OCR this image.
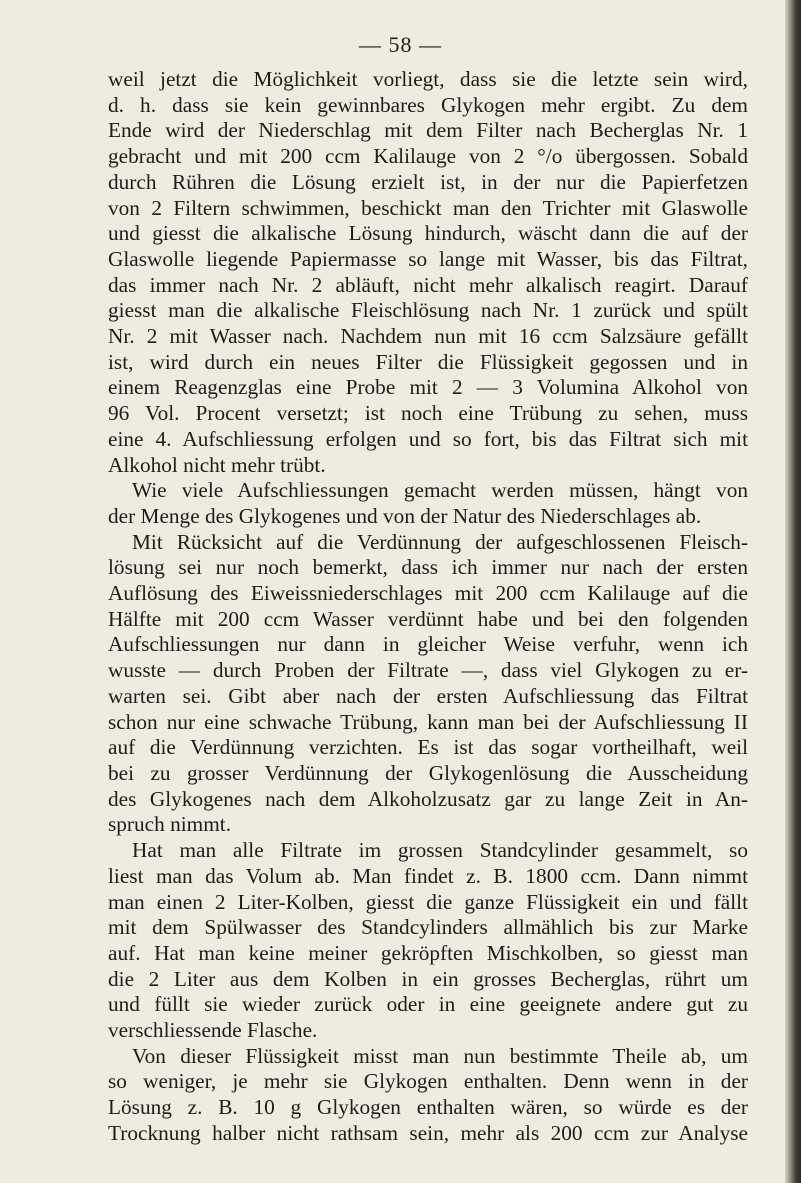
— 58 —
weil jetzt die Möglichkeit vorliegt, dass sie die letzte sein wird,
d. h. dass sie kein gewinnbares Glykogen mehr ergibt. Zu dem
Ende wird der Niederschlag mit dem Filter nach Becherglas Nr. 1
gebracht und mit 200 ccm Kalilauge von 2 °/o übergossen. Sobald
durch Rühren die Lösung erzielt ist, in der nur die Papierfetzen
von 2 Filtern schwimmen, beschickt man den Trichter mit Glaswolle
und giesst die alkalische Lösung hindurch, wäscht dann die auf der
Glaswolle liegende Papiermasse so lange mit Wasser, bis das Filtrat,
das immer nach Nr. 2 abläuft, nicht mehr alkalisch reagirt. Darauf
giesst man die alkalische Fleischlösung nach Nr. 1 zurück und spült
Nr. 2 mit Wasser nach. Nachdem nun mit 16 ccm Salzsäure gefällt
ist, wird durch ein neues Filter die Flüssigkeit gegossen und in
einem Reagenzglas eine Probe mit 2 — 3 Volumina Alkohol von
96 Vol. Procent versetzt; ist noch eine Trübung zu sehen, muss
eine 4. Aufschliessung erfolgen und so fort, bis das Filtrat sich mit
Alkohol nicht mehr trübt.
Wie viele Aufschliessungen gemacht werden müssen, hängt von
der Menge des Glykogenes und von der Natur des Niederschlages ab.
Mit Rücksicht auf die Verdünnung der aufgeschlossenen Fleisch-
lösung sei nur noch bemerkt, dass ich immer nur nach der ersten
Auflösung des Eiweissniederschlages mit 200 ccm Kalilauge auf die
Hälfte mit 200 ccm Wasser verdünnt habe und bei den folgenden
Aufschliessungen nur dann in gleicher Weise verfuhr, wenn ich
wusste — durch Proben der Filtrate —, dass viel Glykogen zu er-
warten sei. Gibt aber nach der ersten Aufschliessung das Filtrat
schon nur eine schwache Trübung, kann man bei der Aufschliessung II
auf die Verdünnung verzichten. Es ist das sogar vortheilhaft, weil
bei zu grosser Verdünnung der Glykogenlösung die Ausscheidung
des Glykogenes nach dem Alkoholzusatz gar zu lange Zeit in An-
spruch nimmt.
Hat man alle Filtrate im grossen Standcylinder gesammelt, so
liest man das Volum ab. Man findet z. B. 1800 ccm. Dann nimmt
man einen 2 Liter-Kolben, giesst die ganze Flüssigkeit ein und fällt
mit dem Spülwasser des Standcylinders allmählich bis zur Marke
auf. Hat man keine meiner gekröpften Mischkolben, so giesst man
die 2 Liter aus dem Kolben in ein grosses Becherglas, rührt um
und füllt sie wieder zurück oder in eine geeignete andere gut zu
verschliessende Flasche.
Von dieser Flüssigkeit misst man nun bestimmte Theile ab, um
so weniger, je mehr sie Glykogen enthalten. Denn wenn in der
Lösung z. B. 10 g Glykogen enthalten wären, so würde es der
Trocknung halber nicht rathsam sein, mehr als 200 ccm zur Analyse
